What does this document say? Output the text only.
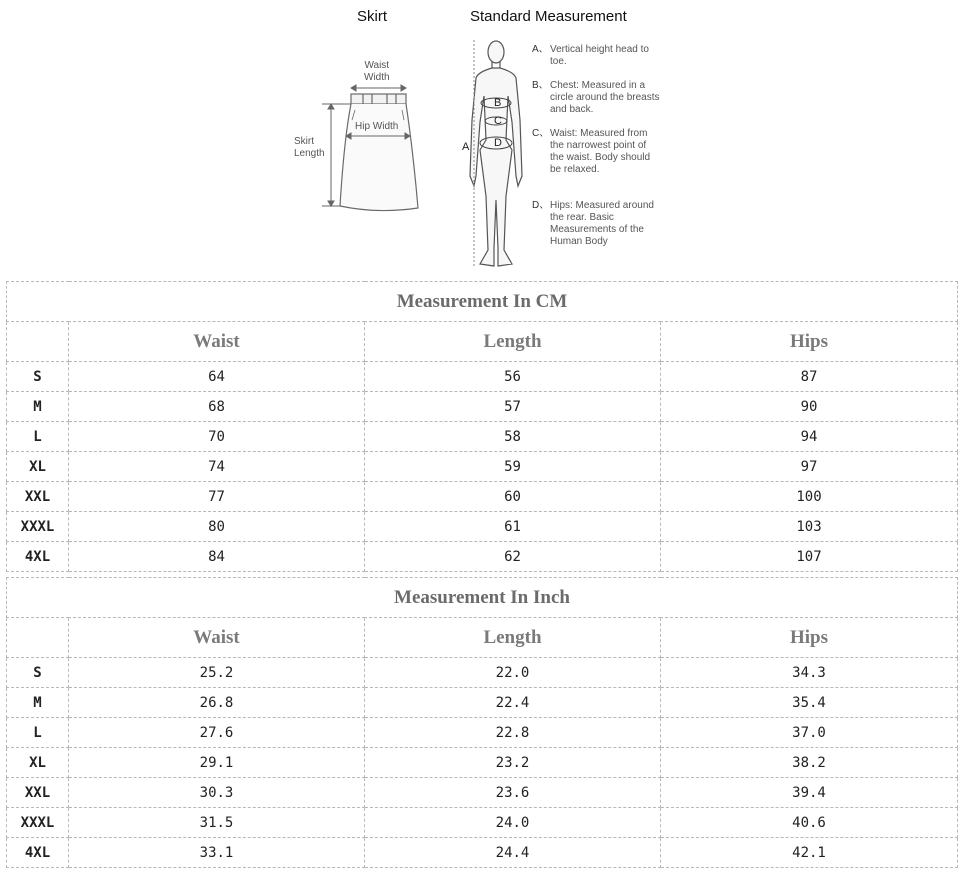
Skirt	Standard Measurement
Waist
Width
Hip Width
Skirt
Length
B
C
D
A
A、 Vertical height head to toe.
B、 Chest: Measured in a circle around the breasts and back.
C、 Waist: Measured from the narrowest point of the waist. Body should be relaxed.
D、 Hips: Measured around the rear. Basic Measurements of the Human Body
Measurement In CM			
	Waist	Length	Hips
S	64	56	87
M	68	57	90
L	70	58	94
XL	74	59	97
XXL	77	60	100
XXXL	80	61	103
4XL	84	62	107
Measurement In Inch			
	Waist	Length	Hips
S	25.2	22.0	34.3
M	26.8	22.4	35.4
L	27.6	22.8	37.0
XL	29.1	23.2	38.2
XXL	30.3	23.6	39.4
XXXL	31.5	24.0	40.6
4XL	33.1	24.4	42.1
